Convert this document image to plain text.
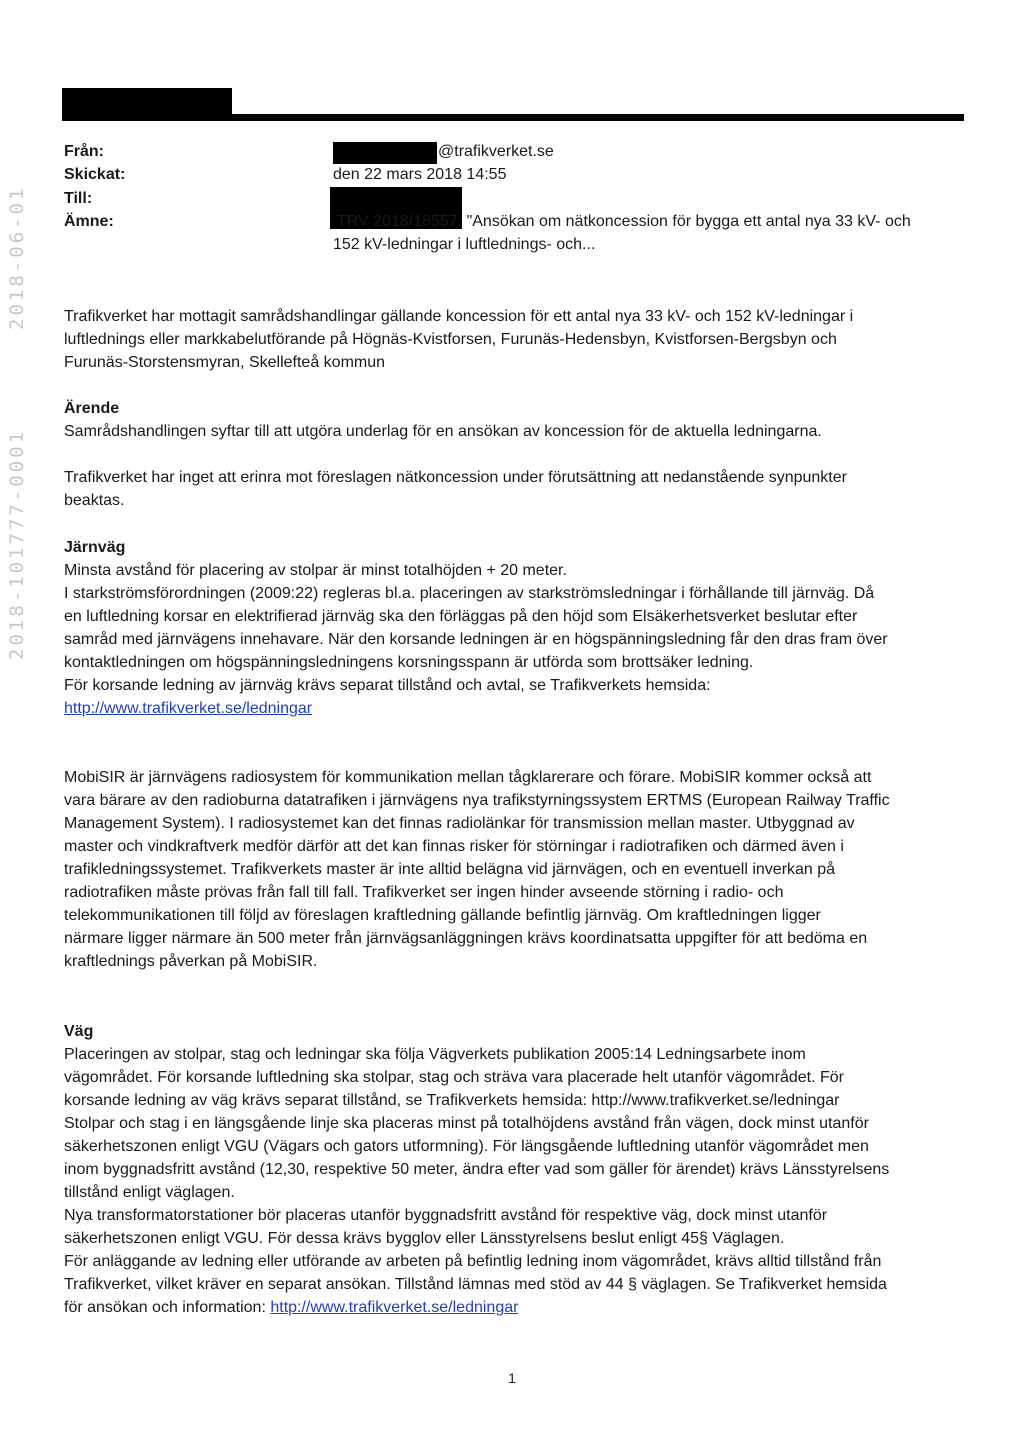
2018-06-01
2018-101777-0001
Från:	@trafikverket.se
Skickat:	den 22 mars 2018 14:55
Till:
Ämne:	TRV 2018/18557, "Ansökan om nätkoncession för bygga ett antal nya 33 kV- och
152 kV-ledningar i luftlednings- och...

Trafikverket har mottagit samrådshandlingar gällande koncession för ett antal nya 33 kV- och 152 kV-ledningar i

luftlednings eller markkabelutförande på Högnäs-Kvistforsen, Furunäs-Hedensbyn, Kvistforsen-Bergsbyn och

Furunäs-Storstensmyran, Skellefteå kommun

Ärende

Samrådshandlingen syftar till att utgöra underlag för en ansökan av koncession för de aktuella ledningarna.

Trafikverket har inget att erinra mot föreslagen nätkoncession under förutsättning att nedanstående synpunkter

beaktas.

Järnväg

Minsta avstånd för placering av stolpar är minst totalhöjden + 20 meter.

I starkströmsförordningen (2009:22) regleras bl.a. placeringen av starkströmsledningar i förhållande till järnväg. Då

en luftledning korsar en elektrifierad järnväg ska den förläggas på den höjd som Elsäkerhetsverket beslutar efter

samråd med järnvägens innehavare. När den korsande ledningen är en högspänningsledning får den dras fram över

kontaktledningen om högspänningsledningens korsningsspann är utförda som brottsäker ledning.

För korsande ledning av järnväg krävs separat tillstånd och avtal, se Trafikverkets hemsida:

http://www.trafikverket.se/ledningar

MobiSIR är järnvägens radiosystem för kommunikation mellan tågklarerare och förare. MobiSIR kommer också att

vara bärare av den radioburna datatrafiken i järnvägens nya trafikstyrningssystem ERTMS (European Railway Traffic

Management System). I radiosystemet kan det finnas radiolänkar för transmission mellan master. Utbyggnad av

master och vindkraftverk medför därför att det kan finnas risker för störningar i radiotrafiken och därmed även i

trafikledningssystemet. Trafikverkets master är inte alltid belägna vid järnvägen, och en eventuell inverkan på

radiotrafiken måste prövas från fall till fall. Trafikverket ser ingen hinder avseende störning i radio- och

telekommunikationen till följd av föreslagen kraftledning gällande befintlig järnväg. Om kraftledningen ligger

närmare ligger närmare än 500 meter från järnvägsanläggningen krävs koordinatsatta uppgifter för att bedöma en

kraftlednings påverkan på MobiSIR.

Väg

Placeringen av stolpar, stag och ledningar ska följa Vägverkets publikation 2005:14 Ledningsarbete inom

vägområdet. För korsande luftledning ska stolpar, stag och sträva vara placerade helt utanför vägområdet. För

korsande ledning av väg krävs separat tillstånd, se Trafikverkets hemsida: http://www.trafikverket.se/ledningar

Stolpar och stag i en längsgående linje ska placeras minst på totalhöjdens avstånd från vägen, dock minst utanför

säkerhetszonen enligt VGU (Vägars och gators utformning). För längsgående luftledning utanför vägområdet men

inom byggnadsfritt avstånd (12,30, respektive 50 meter, ändra efter vad som gäller för ärendet) krävs Länsstyrelsens

tillstånd enligt väglagen.

Nya transformatorstationer bör placeras utanför byggnadsfritt avstånd för respektive väg, dock minst utanför

säkerhetszonen enligt VGU. För dessa krävs bygglov eller Länsstyrelsens beslut enligt 45§ Väglagen.

För anläggande av ledning eller utförande av arbeten på befintlig ledning inom vägområdet, krävs alltid tillstånd från

Trafikverket, vilket kräver en separat ansökan. Tillstånd lämnas med stöd av 44 § väglagen. Se Trafikverket hemsida

för ansökan och information: http://www.trafikverket.se/ledningar

1
